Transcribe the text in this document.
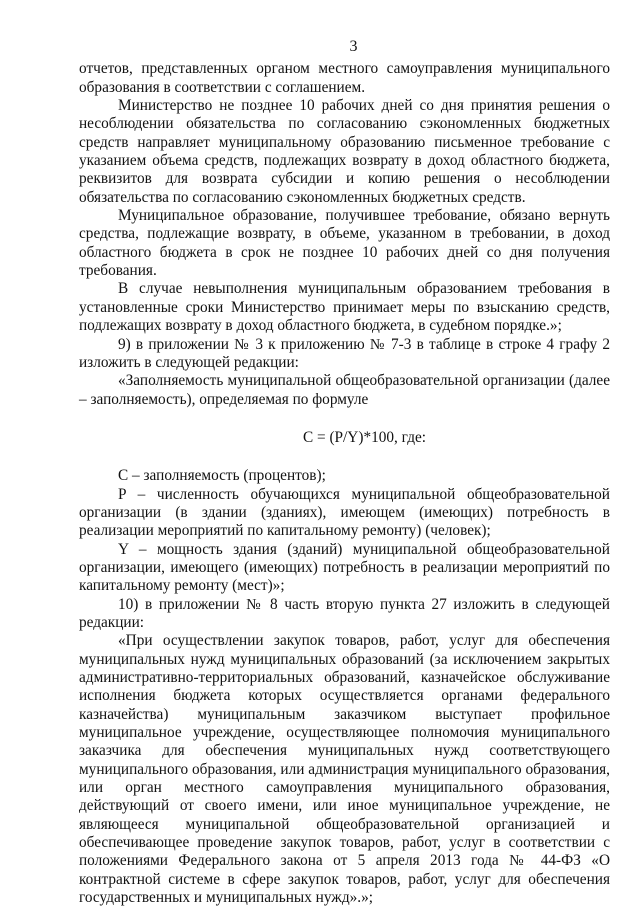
3

отчетов, представленных органом местного самоуправления муниципального образования в соответствии с соглашением.

Министерство не позднее 10 рабочих дней со дня принятия решения о несоблюдении обязательства по согласованию сэкономленных бюджетных средств направляет муниципальному образованию письменное требование с указанием объема средств, подлежащих возврату в доход областного бюджета, реквизитов для возврата субсидии и копию решения о несоблюдении обязательства по согласованию сэкономленных бюджетных средств.

Муниципальное образование, получившее требование, обязано вернуть средства, подлежащие возврату, в объеме, указанном в требовании, в доход областного бюджета в срок не позднее 10 рабочих дней со дня получения требования.

В случае невыполнения муниципальным образованием требования в установленные сроки Министерство принимает меры по взысканию средств, подлежащих возврату в доход областного бюджета, в судебном порядке.»;

9) в приложении № 3 к приложению № 7-3 в таблице в строке 4 графу 2 изложить в следующей редакции:

«Заполняемость муниципальной общеобразовательной организации (далее – заполняемость), определяемая по формуле

C = (P/Y)*100, где:

C – заполняемость (процентов);

P – численность обучающихся муниципальной общеобразовательной организации (в здании (зданиях), имеющем (имеющих) потребность в реализации мероприятий по капитальному ремонту) (человек);

Y – мощность здания (зданий) муниципальной общеобразовательной организации, имеющего (имеющих) потребность в реализации мероприятий по капитальному ремонту (мест)»;

10) в приложении № 8 часть вторую пункта 27 изложить в следующей редакции:

«При осуществлении закупок товаров, работ, услуг для обеспечения муниципальных нужд муниципальных образований (за исключением закрытых административно-территориальных образований, казначейское обслуживание исполнения бюджета которых осуществляется органами федерального казначейства) муниципальным заказчиком выступает профильное муниципальное учреждение, осуществляющее полномочия муниципального заказчика для обеспечения муниципальных нужд соответствующего муниципального образования, или администрация муниципального образования, или орган местного самоуправления муниципального образования, действующий от своего имени, или иное муниципальное учреждение, не являющееся муниципальной общеобразовательной организацией и обеспечивающее проведение закупок товаров, работ, услуг в соответствии с положениями Федерального закона от 5 апреля 2013 года № 44-ФЗ «О контрактной системе в сфере закупок товаров, работ, услуг для обеспечения государственных и муниципальных нужд».»;
